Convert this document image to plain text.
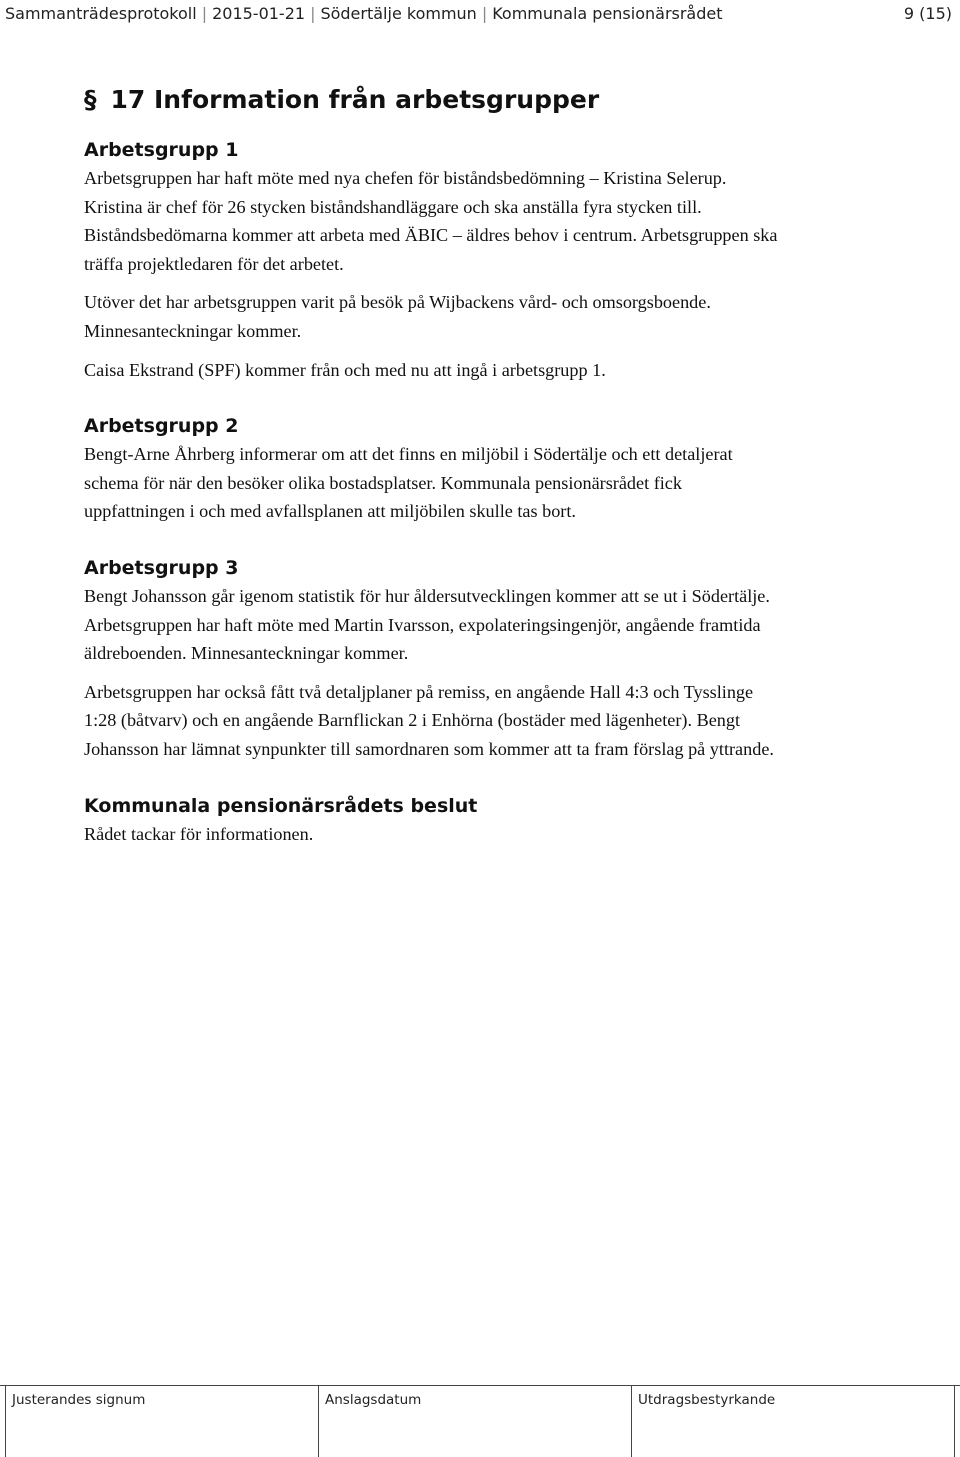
Sammanträdesprotokoll | 2015-01-21 | Södertälje kommun | Kommunala pensionärsrådet	9 (15)
§ 17 Information från arbetsgrupper
Arbetsgrupp 1
Arbetsgruppen har haft möte med nya chefen för biståndsbedömning – Kristina Selerup.
Kristina är chef för 26 stycken biståndshandläggare och ska anställa fyra stycken till.
Biståndsbedömarna kommer att arbeta med ÄBIC – äldres behov i centrum. Arbetsgruppen ska
träffa projektledaren för det arbetet.
Utöver det har arbetsgruppen varit på besök på Wijbackens vård- och omsorgsboende.
Minnesanteckningar kommer.
Caisa Ekstrand (SPF) kommer från och med nu att ingå i arbetsgrupp 1.
Arbetsgrupp 2
Bengt-Arne Åhrberg informerar om att det finns en miljöbil i Södertälje och ett detaljerat
schema för när den besöker olika bostadsplatser. Kommunala pensionärsrådet fick
uppfattningen i och med avfallsplanen att miljöbilen skulle tas bort.
Arbetsgrupp 3
Bengt Johansson går igenom statistik för hur åldersutvecklingen kommer att se ut i Södertälje.
Arbetsgruppen har haft möte med Martin Ivarsson, expolateringsingenjör, angående framtida
äldreboenden. Minnesanteckningar kommer.
Arbetsgruppen har också fått två detaljplaner på remiss, en angående Hall 4:3 och Tysslinge
1:28 (båtvarv) och en angående Barnflickan 2 i Enhörna (bostäder med lägenheter). Bengt
Johansson har lämnat synpunkter till samordnaren som kommer att ta fram förslag på yttrande.
Kommunala pensionärsrådets beslut
Rådet tackar för informationen.
Justerandes signum	Anslagsdatum	Utdragsbestyrkande
